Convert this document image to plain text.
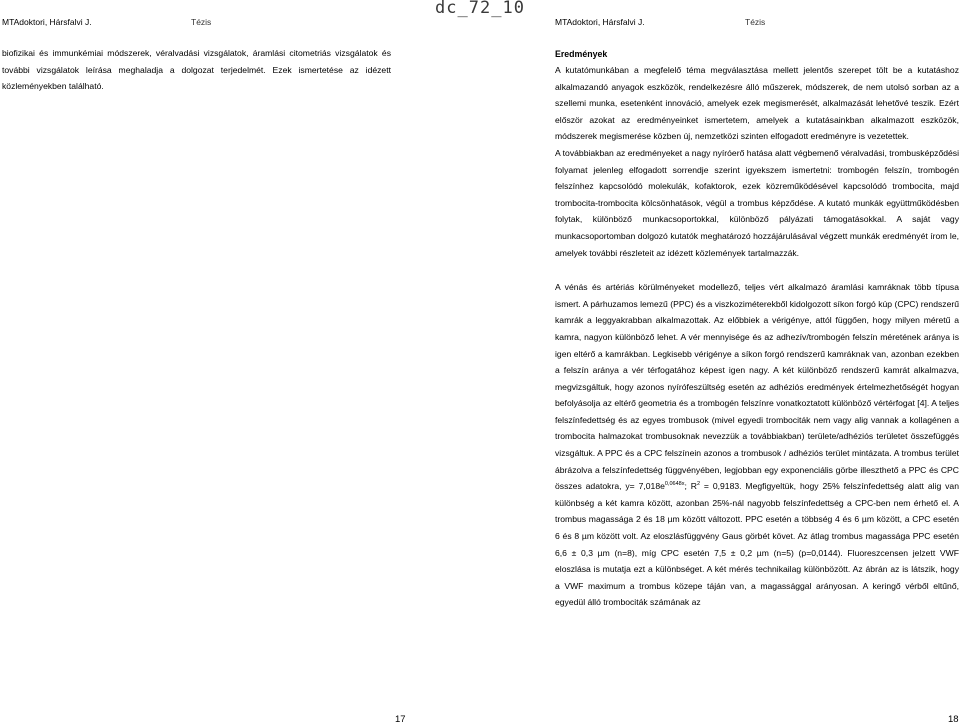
dc_72_10
MTAdoktori, Hársfalvi J.	Tézis	MTAdoktori, Hársfalvi J.	Tézis

biofizikai és immunkémiai módszerek, véralvadási vizsgálatok, áramlási citometriás vizsgálatok és további vizsgálatok leírása meghaladja a dolgozat terjedelmét. Ezek ismertetése az idézett közleményekben található.

Eredmények

A kutatómunkában a megfelelő téma megválasztása mellett jelentős szerepet tölt be a kutatáshoz alkalmazandó anyagok eszközök, rendelkezésre álló műszerek, módszerek, de nem utolsó sorban az a szellemi munka, esetenként innováció, amelyek ezek megismerését, alkalmazását lehetővé teszik. Ezért először azokat az eredményeinket ismertetem, amelyek a kutatásainkban alkalmazott eszközök, módszerek megismerése közben új, nemzetközi szinten elfogadott eredményre is vezetettek.

A továbbiakban az eredményeket a nagy nyíróerő hatása alatt végbemenő véralvadási, trombusképződési folyamat jelenleg elfogadott sorrendje szerint igyekszem ismertetni: trombogén felszín, trombogén felszínhez kapcsolódó molekulák, kofaktorok, ezek közreműködésével kapcsolódó trombocita, majd trombocita-trombocita kölcsönhatások, végül a trombus képződése. A kutató munkák együttműködésben folytak, különböző munkacsoportokkal, különböző pályázati támogatásokkal. A saját vagy munkacsoportomban dolgozó kutatók meghatározó hozzájárulásával végzett munkák eredményét írom le, amelyek további részleteit az idézett közlemények tartalmazzák.

A vénás és artériás körülményeket modellező, teljes vért alkalmazó áramlási kamráknak több típusa ismert. A párhuzamos lemezű (PPC) és a viszkoziméterekből kidolgozott síkon forgó kúp (CPC) rendszerű kamrák a leggyakrabban alkalmazottak. Az előbbiek a vérigénye, attól függően, hogy milyen méretű a kamra, nagyon különböző lehet. A vér mennyisége és az adhezív/trombogén felszín méretének aránya is igen eltérő a kamrákban. Legkisebb vérigénye a síkon forgó rendszerű kamráknak van, azonban ezekben a felszín aránya a vér térfogatához képest igen nagy. A két különböző rendszerű kamrát alkalmazva, megvizsgáltuk, hogy azonos nyírófeszültség esetén az adhéziós eredmények értelmezhetőségét hogyan befolyásolja az eltérő geometria és a trombogén felszínre vonatkoztatott különböző vértérfogat [4]. A teljes felszínfedettség és az egyes trombusok (mivel egyedi trombociták nem vagy alig vannak a kollagénen a trombocita halmazokat trombusoknak nevezzük a továbbiakban) területe/adhéziós területet összefüggés vizsgáltuk. A PPC és a CPC felszínein azonos a trombusok / adhéziós terület mintázata. A trombus terület ábrázolva a felszínfedettség függvényében, legjobban egy exponenciális görbe illeszthető a PPC és CPC összes adatokra, $y= 7,018e^{0,0648x}$; $R^2 = 0,9183$. Megfigyeltük, hogy 25% felszínfedettség alatt alig van különbség a két kamra között, azonban 25%-nál nagyobb felszínfedettség a CPC-ben nem érhető el. A trombus magassága 2 és 18 µm között változott. PPC esetén a többség 4 és 6 µm között, a CPC esetén 6 és 8 µm között volt. Az eloszlásfüggvény Gaus görbét követ. Az átlag trombus magassága PPC esetén 6,6 ± 0,3 µm (n=8), míg CPC esetén 7,5 ± 0,2 µm (n=5) (p=0,0144). Fluoreszcensen jelzett VWF eloszlása is mutatja ezt a különbséget. A két mérés technikailag különbözött. Az ábrán az is látszik, hogy a VWF maximum a trombus közepe táján van, a magassággal arányosan. A keringő vérből eltűnő, egyedül álló trombociták számának az

17	18
